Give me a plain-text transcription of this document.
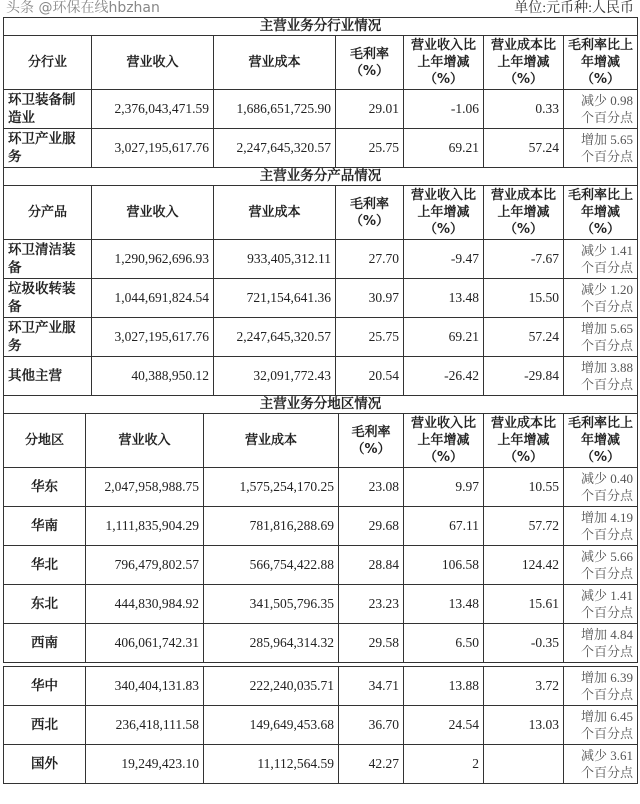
头条 @环保在线hbzhan	单位:元币种:人民币
主营业务分行业情况						
分行业	营业收入	营业成本	毛利率（%）	营业收入比上年增减（%）	营业成本比上年增减（%）	毛利率比上年增减（%）
环卫装备制造业	2,376,043,471.59	1,686,651,725.90	29.01	-1.06	0.33	减少 0.98 个百分点
环卫产业服务	3,027,195,617.76	2,247,645,320.57	25.75	69.21	57.24	增加 5.65 个百分点
主营业务分产品情况						
分产品	营业收入	营业成本	毛利率（%）	营业收入比上年增减（%）	营业成本比上年增减（%）	毛利率比上年增减（%）
环卫清洁装备	1,290,962,696.93	933,405,312.11	27.70	-9.47	-7.67	减少 1.41 个百分点
垃圾收转装备	1,044,691,824.54	721,154,641.36	30.97	13.48	15.50	减少 1.20 个百分点
环卫产业服务	3,027,195,617.76	2,247,645,320.57	25.75	69.21	57.24	增加 5.65 个百分点
其他主营	40,388,950.12	32,091,772.43	20.54	-26.42	-29.84	增加 3.88 个百分点
主营业务分地区情况						
分地区	营业收入	营业成本	毛利率（%）	营业收入比上年增减（%）	营业成本比上年增减（%）	毛利率比上年增减（%）
华东	2,047,958,988.75	1,575,254,170.25	23.08	9.97	10.55	减少 0.40 个百分点
华南	1,111,835,904.29	781,816,288.69	29.68	67.11	57.72	增加 4.19 个百分点
华北	796,479,802.57	566,754,422.88	28.84	106.58	124.42	减少 5.66 个百分点
东北	444,830,984.92	341,505,796.35	23.23	13.48	15.61	减少 1.41 个百分点
西南	406,061,742.31	285,964,314.32	29.58	6.50	-0.35	增加 4.84 个百分点
华中	340,404,131.83	222,240,035.71	34.71	13.88	3.72	增加 6.39 个百分点
西北	236,418,111.58	149,649,453.68	36.70	24.54	13.03	增加 6.45 个百分点
国外	19,249,423.10	11,112,564.59	42.27	2		减少 3.61 个百分点
